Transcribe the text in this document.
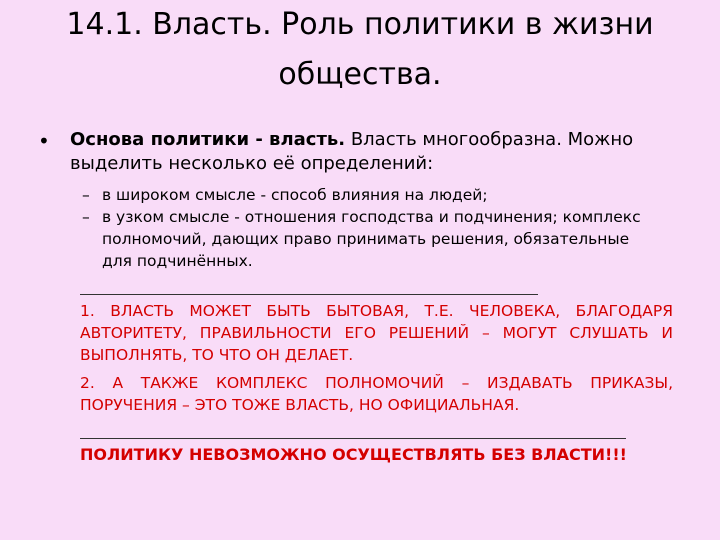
14.1. Власть. Роль политики в жизни общества.
•	Основа политики - власть. Власть многообразна. Можно выделить несколько её определений:
– в широком смысле - способ влияния на людей;
– в узком смысле - отношения господства и подчинения; комплекс полномочий, дающих право принимать решения, обязательные для подчинённых.
1. ВЛАСТЬ МОЖЕТ БЫТЬ БЫТОВАЯ, Т.Е. ЧЕЛОВЕКА, БЛАГОДАРЯ АВТОРИТЕТУ, ПРАВИЛЬНОСТИ ЕГО РЕШЕНИЙ – МОГУТ СЛУШАТЬ И ВЫПОЛНЯТЬ, ТО ЧТО ОН ДЕЛАЕТ.
2. А ТАКЖЕ КОМПЛЕКС ПОЛНОМОЧИЙ – ИЗДАВАТЬ ПРИКАЗЫ, ПОРУЧЕНИЯ – ЭТО ТОЖЕ ВЛАСТЬ, НО ОФИЦИАЛЬНАЯ.
ПОЛИТИКУ НЕВОЗМОЖНО ОСУЩЕСТВЛЯТЬ БЕЗ ВЛАСТИ!!!
